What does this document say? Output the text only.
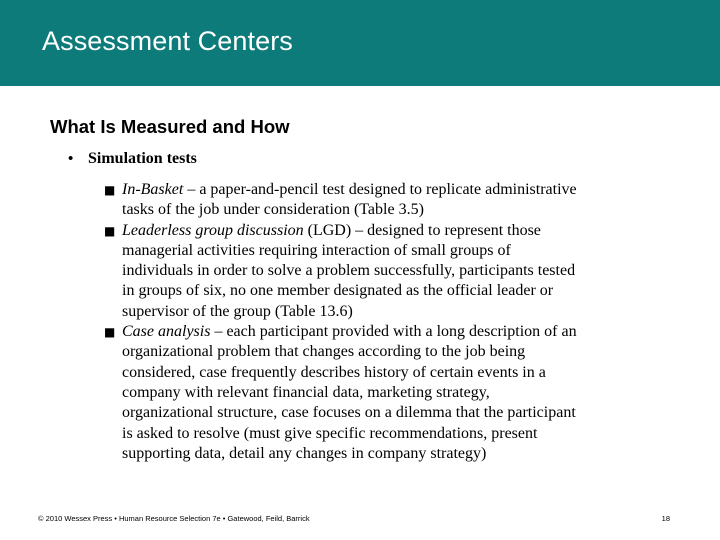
Assessment Centers
What Is Measured and How
• Simulation tests
■ In-Basket – a paper-and-pencil test designed to replicate administrative
tasks of the job under consideration (Table 3.5)
■ Leaderless group discussion (LGD) – designed to represent those
managerial activities requiring interaction of small groups of
individuals in order to solve a problem successfully, participants tested
in groups of six, no one member designated as the official leader or
supervisor of the group (Table 13.6)
■ Case analysis – each participant provided with a long description of an
organizational problem that changes according to the job being
considered, case frequently describes history of certain events in a
company with relevant financial data, marketing strategy,
organizational structure, case focuses on a dilemma that the participant
is asked to resolve (must give specific recommendations, present
supporting data, detail any changes in company strategy)
© 2010 Wessex Press • Human Resource Selection 7e • Gatewood, Feild, Barrick	18
